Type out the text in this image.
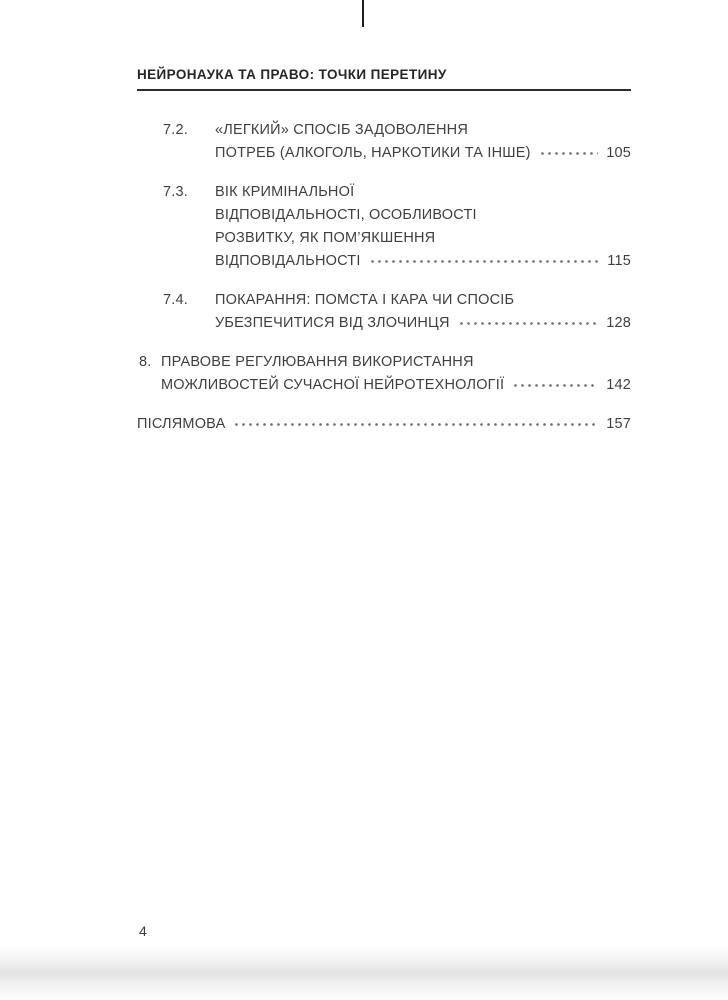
НЕЙРОНАУКА ТА ПРАВО: ТОЧКИ ПЕРЕТИНУ
7.2.	«ЛЕГКИЙ» СПОСІБ ЗАДОВОЛЕННЯ
ПОТРЕБ (АЛКОГОЛЬ, НАРКОТИКИ ТА ІНШЕ)	105
7.3.	ВІК КРИМІНАЛЬНОЇ
ВІДПОВІДАЛЬНОСТІ, ОСОБЛИВОСТІ
РОЗВИТКУ, ЯК ПОМ’ЯКШЕННЯ
ВІДПОВІДАЛЬНОСТІ	115
7.4.	ПОКАРАННЯ: ПОМСТА І КАРА ЧИ СПОСІБ
УБЕЗПЕЧИТИСЯ ВІД ЗЛОЧИНЦЯ	128
8. ПРАВОВЕ РЕГУЛЮВАННЯ ВИКОРИСТАННЯ
МОЖЛИВОСТЕЙ СУЧАСНОЇ НЕЙРОТЕХНОЛОГІЇ	142
ПІСЛЯМОВА	157
4
